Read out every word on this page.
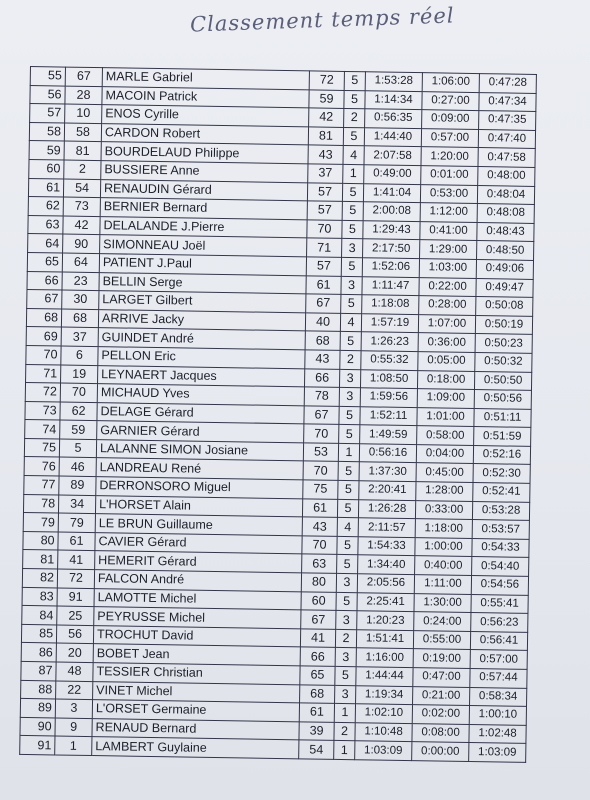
Classement temps réel
55	67	MARLE Gabriel	72	5	1:53:28	1:06:00	0:47:28
56	28	MACOIN Patrick	59	5	1:14:34	0:27:00	0:47:34
57	10	ENOS Cyrille	42	2	0:56:35	0:09:00	0:47:35
58	58	CARDON Robert	81	5	1:44:40	0:57:00	0:47:40
59	81	BOURDELAUD Philippe	43	4	2:07:58	1:20:00	0:47:58
60	2	BUSSIERE Anne	37	1	0:49:00	0:01:00	0:48:00
61	54	RENAUDIN Gérard	57	5	1:41:04	0:53:00	0:48:04
62	73	BERNIER Bernard	57	5	2:00:08	1:12:00	0:48:08
63	42	DELALANDE J.Pierre	70	5	1:29:43	0:41:00	0:48:43
64	90	SIMONNEAU Joël	71	3	2:17:50	1:29:00	0:48:50
65	64	PATIENT J.Paul	57	5	1:52:06	1:03:00	0:49:06
66	23	BELLIN Serge	61	3	1:11:47	0:22:00	0:49:47
67	30	LARGET Gilbert	67	5	1:18:08	0:28:00	0:50:08
68	68	ARRIVE Jacky	40	4	1:57:19	1:07:00	0:50:19
69	37	GUINDET André	68	5	1:26:23	0:36:00	0:50:23
70	6	PELLON Eric	43	2	0:55:32	0:05:00	0:50:32
71	19	LEYNAERT Jacques	66	3	1:08:50	0:18:00	0:50:50
72	70	MICHAUD Yves	78	3	1:59:56	1:09:00	0:50:56
73	62	DELAGE Gérard	67	5	1:52:11	1:01:00	0:51:11
74	59	GARNIER Gérard	70	5	1:49:59	0:58:00	0:51:59
75	5	LALANNE SIMON Josiane	53	1	0:56:16	0:04:00	0:52:16
76	46	LANDREAU René	70	5	1:37:30	0:45:00	0:52:30
77	89	DERRONSORO Miguel	75	5	2:20:41	1:28:00	0:52:41
78	34	L'HORSET Alain	61	5	1:26:28	0:33:00	0:53:28
79	79	LE BRUN Guillaume	43	4	2:11:57	1:18:00	0:53:57
80	61	CAVIER Gérard	70	5	1:54:33	1:00:00	0:54:33
81	41	HEMERIT Gérard	63	5	1:34:40	0:40:00	0:54:40
82	72	FALCON André	80	3	2:05:56	1:11:00	0:54:56
83	91	LAMOTTE Michel	60	5	2:25:41	1:30:00	0:55:41
84	25	PEYRUSSE Michel	67	3	1:20:23	0:24:00	0:56:23
85	56	TROCHUT David	41	2	1:51:41	0:55:00	0:56:41
86	20	BOBET Jean	66	3	1:16:00	0:19:00	0:57:00
87	48	TESSIER Christian	65	5	1:44:44	0:47:00	0:57:44
88	22	VINET Michel	68	3	1:19:34	0:21:00	0:58:34
89	3	L'ORSET Germaine	61	1	1:02:10	0:02:00	1:00:10
90	9	RENAUD Bernard	39	2	1:10:48	0:08:00	1:02:48
91	1	LAMBERT Guylaine	54	1	1:03:09	0:00:00	1:03:09
